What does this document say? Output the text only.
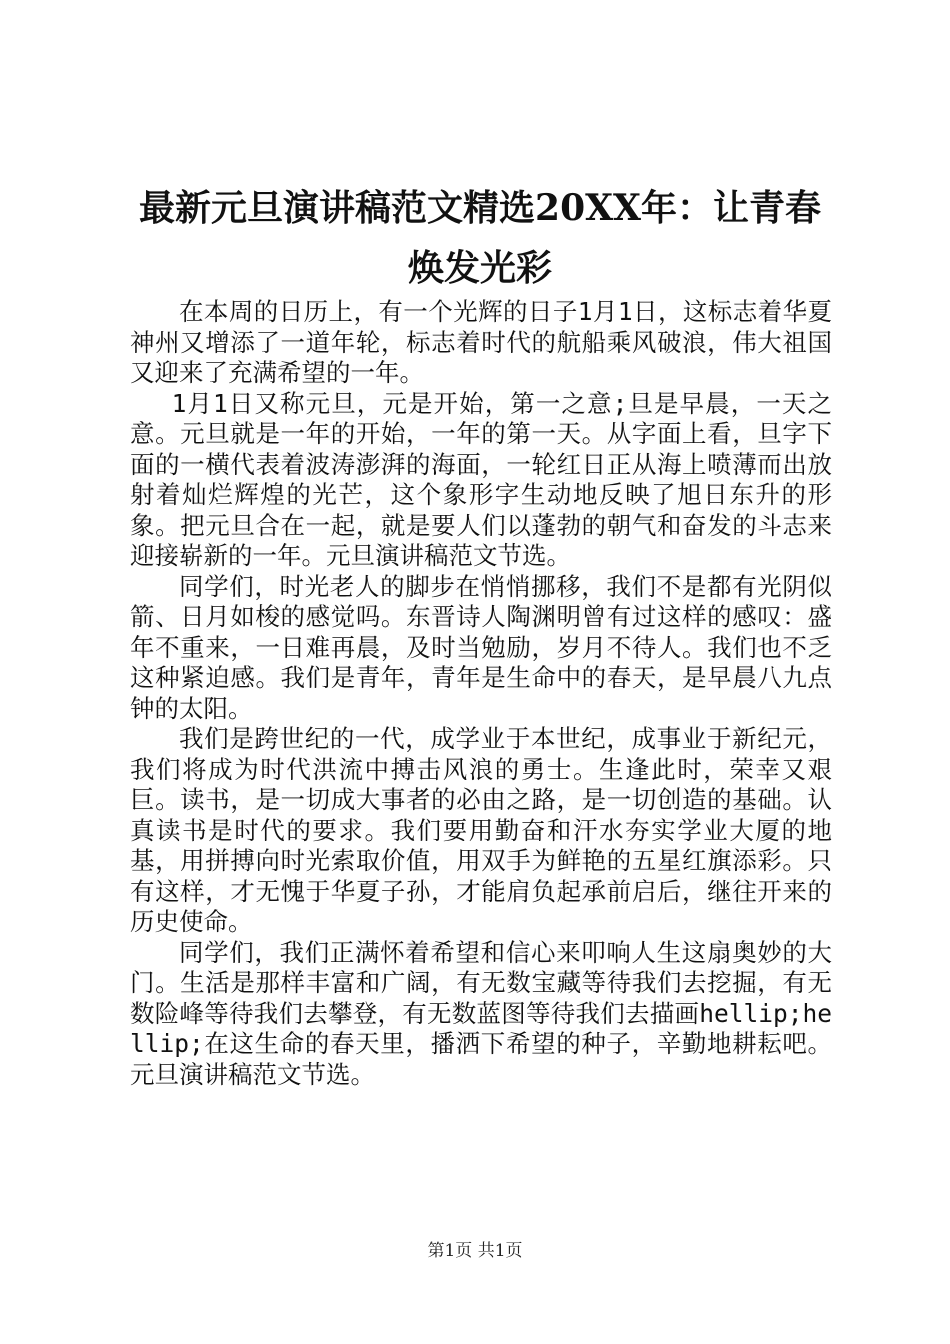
最新元旦演讲稿范文精选20XX年：让青春焕发光彩

在本周的日历上，有一个光辉的日子1月1日，这标志着华夏神州又增添了一道年轮，标志着时代的航船乘风破浪，伟大祖国又迎来了充满希望的一年。

1月1日又称元旦，元是开始，第一之意;旦是早晨，一天之意。元旦就是一年的开始，一年的第一天。从字面上看，旦字下面的一横代表着波涛澎湃的海面，一轮红日正从海上喷薄而出放射着灿烂辉煌的光芒，这个象形字生动地反映了旭日东升的形象。把元旦合在一起，就是要人们以蓬勃的朝气和奋发的斗志来迎接崭新的一年。元旦演讲稿范文节选。

同学们，时光老人的脚步在悄悄挪移，我们不是都有光阴似箭、日月如梭的感觉吗。东晋诗人陶渊明曾有过这样的感叹：盛年不重来，一日难再晨，及时当勉励，岁月不待人。我们也不乏这种紧迫感。我们是青年，青年是生命中的春天，是早晨八九点钟的太阳。

我们是跨世纪的一代，成学业于本世纪，成事业于新纪元，我们将成为时代洪流中搏击风浪的勇士。生逢此时，荣幸又艰巨。读书，是一切成大事者的必由之路，是一切创造的基础。认真读书是时代的要求。我们要用勤奋和汗水夯实学业大厦的地基，用拼搏向时光索取价值，用双手为鲜艳的五星红旗添彩。只有这样，才无愧于华夏子孙，才能肩负起承前启后，继往开来的历史使命。

同学们，我们正满怀着希望和信心来叩响人生这扇奥妙的大门。生活是那样丰富和广阔，有无数宝藏等待我们去挖掘，有无数险峰等待我们去攀登，有无数蓝图等待我们去描画hellip;hellip;在这生命的春天里，播洒下希望的种子，辛勤地耕耘吧。元旦演讲稿范文节选。

第1页 共1页
